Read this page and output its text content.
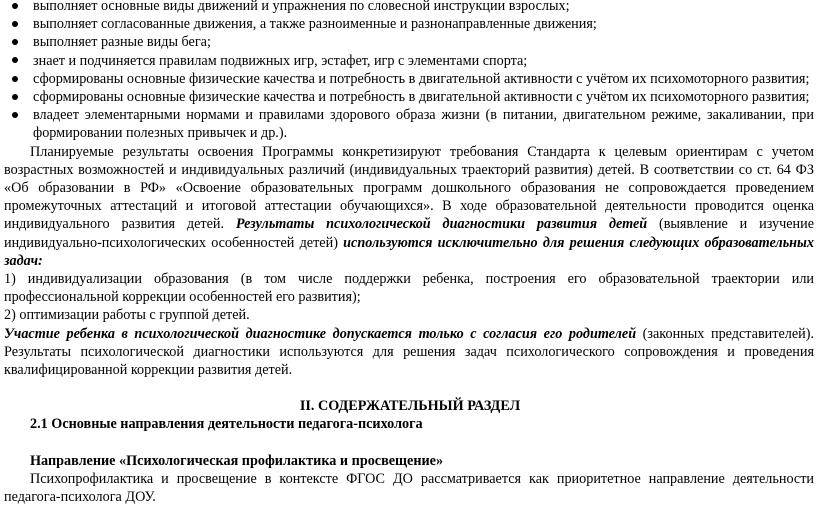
выполняет основные виды движений и упражнения по словесной инструкции взрослых;
выполняет согласованные движения, а также разноименные и разнонаправленные движения;
выполняет разные виды бега;
знает и подчиняется правилам подвижных игр, эстафет, игр с элементами спорта;
сформированы основные физические качества и потребность в двигательной активности с учётом их психомоторного развития;
сформированы основные физические качества и потребность в двигательной активности с учётом их психомоторного развития;
владеет элементарными нормами и правилами здорового образа жизни (в питании, двигательном режиме, закаливании, при формировании полезных привычек и др.).

Планируемые результаты освоения Программы конкретизируют требования Стандарта к целевым ориентирам с учетом возрастных возможностей и индивидуальных различий (индивидуальных траекторий развития) детей. В соответствии со ст. 64 ФЗ «Об образовании в РФ» «Освоение образовательных программ дошкольного образования не сопровождается проведением промежуточных аттестаций и итоговой аттестации обучающихся». В ходе образовательной деятельности проводится оценка индивидуального развития детей. Результаты психологической диагностики развития детей (выявление и изучение индивидуально-психологических особенностей детей) используются исключительно для решения следующих образовательных задач:

1) индивидуализации образования (в том числе поддержки ребенка, построения его образовательной траектории или профессиональной коррекции особенностей его развития);

2) оптимизации работы с группой детей.

Участие ребенка в психологической диагностике допускается только с согласия его родителей (законных представителей). Результаты психологической диагностики используются для решения задач психологического сопровождения и проведения квалифицированной коррекции развития детей.

II. СОДЕРЖАТЕЛЬНЫЙ РАЗДЕЛ

2.1 Основные направления деятельности педагога-психолога

Направление «Психологическая профилактика и просвещение»

Психопрофилактика и просвещение в контексте ФГОС ДО рассматривается как приоритетное направление деятельности педагога-психолога ДОУ.
